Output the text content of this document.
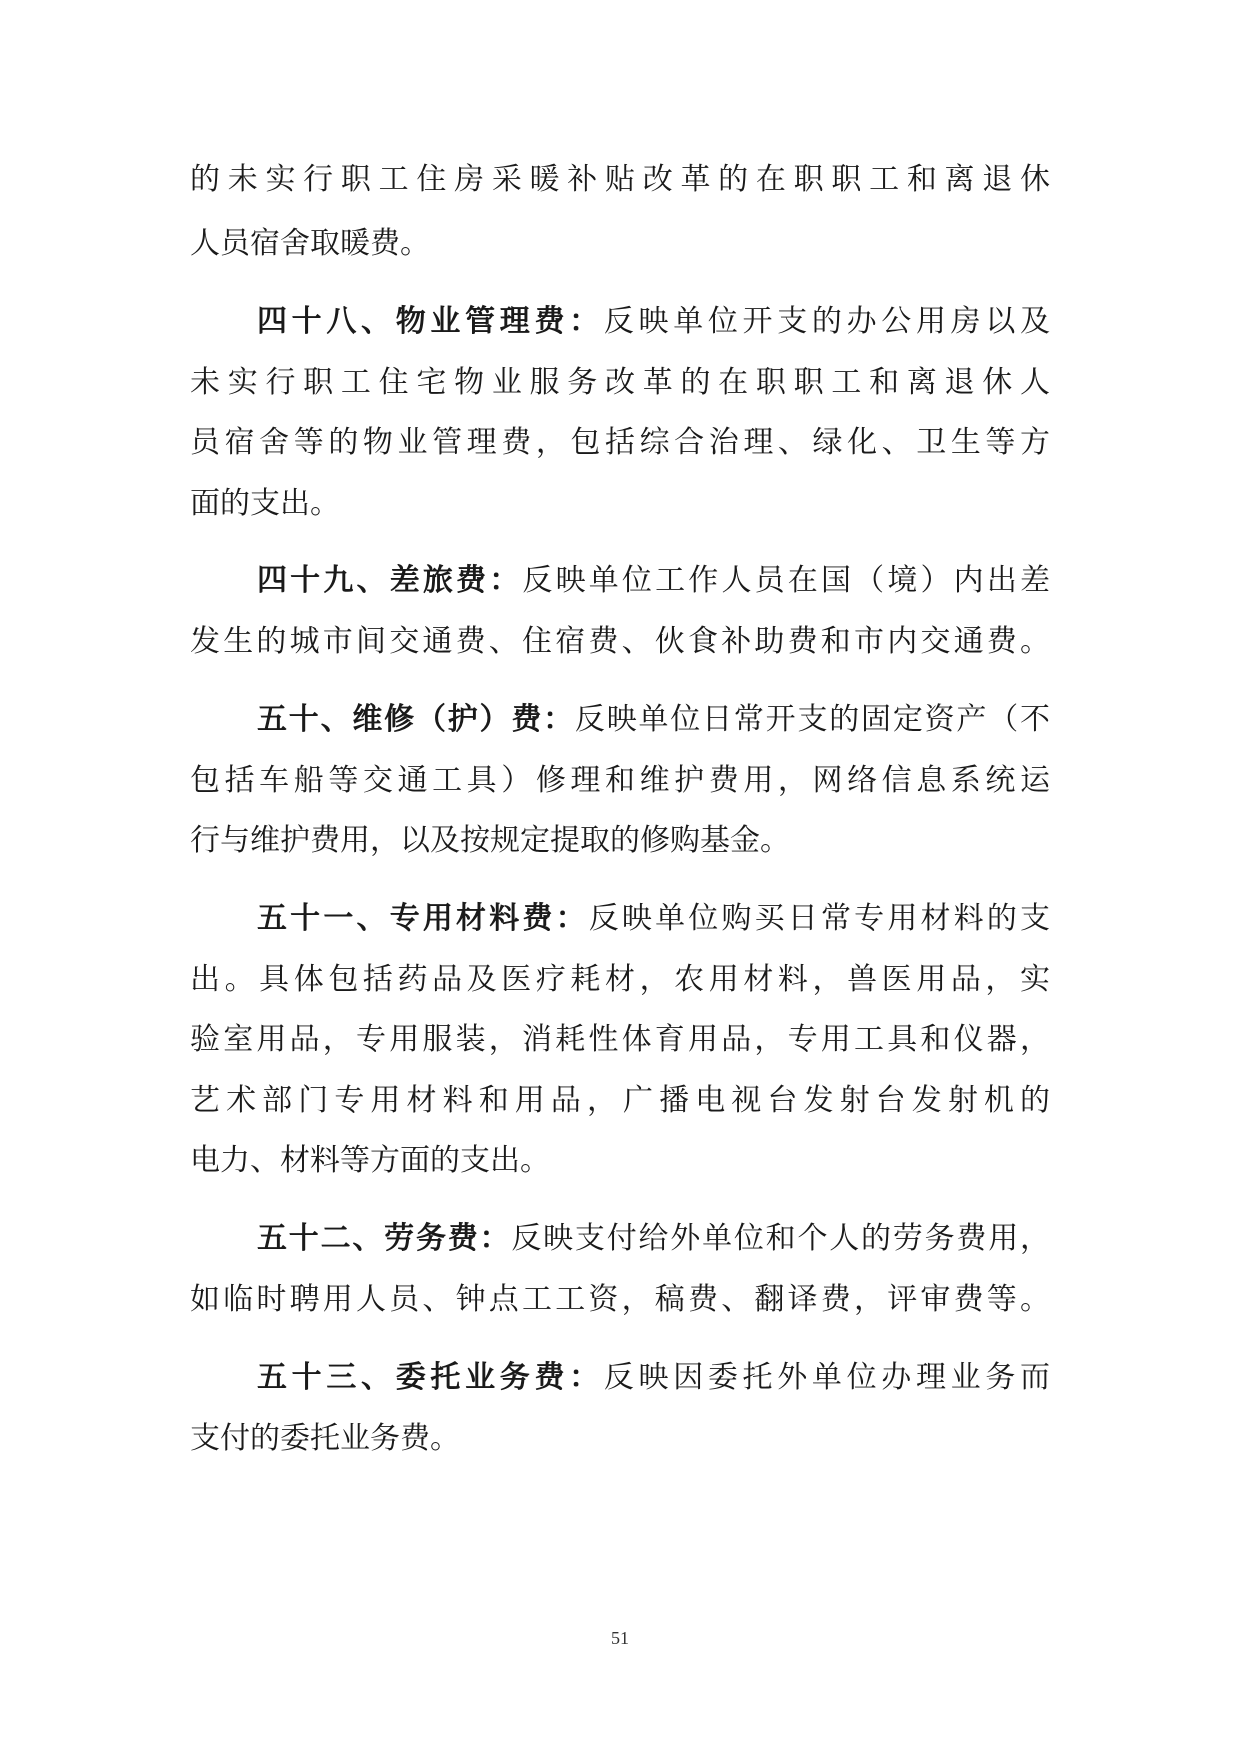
的未实行职工住房采暖补贴改革的在职职工和离退休
人员宿舍取暖费。
四十八、物业管理费：反映单位开支的办公用房以及
未实行职工住宅物业服务改革的在职职工和离退休人
员宿舍等的物业管理费，包括综合治理、绿化、卫生等方
面的支出。
四十九、差旅费：反映单位工作人员在国（境）内出差
发生的城市间交通费、住宿费、伙食补助费和市内交通费。
五十、维修（护）费：反映单位日常开支的固定资产（不
包括车船等交通工具）修理和维护费用，网络信息系统运
行与维护费用，以及按规定提取的修购基金。
五十一、专用材料费：反映单位购买日常专用材料的支
出。具体包括药品及医疗耗材，农用材料，兽医用品，实
验室用品，专用服装，消耗性体育用品，专用工具和仪器，
艺术部门专用材料和用品，广播电视台发射台发射机的
电力、材料等方面的支出。
五十二、劳务费：反映支付给外单位和个人的劳务费用，
如临时聘用人员、钟点工工资，稿费、翻译费，评审费等。
五十三、委托业务费：反映因委托外单位办理业务而
支付的委托业务费。
51
